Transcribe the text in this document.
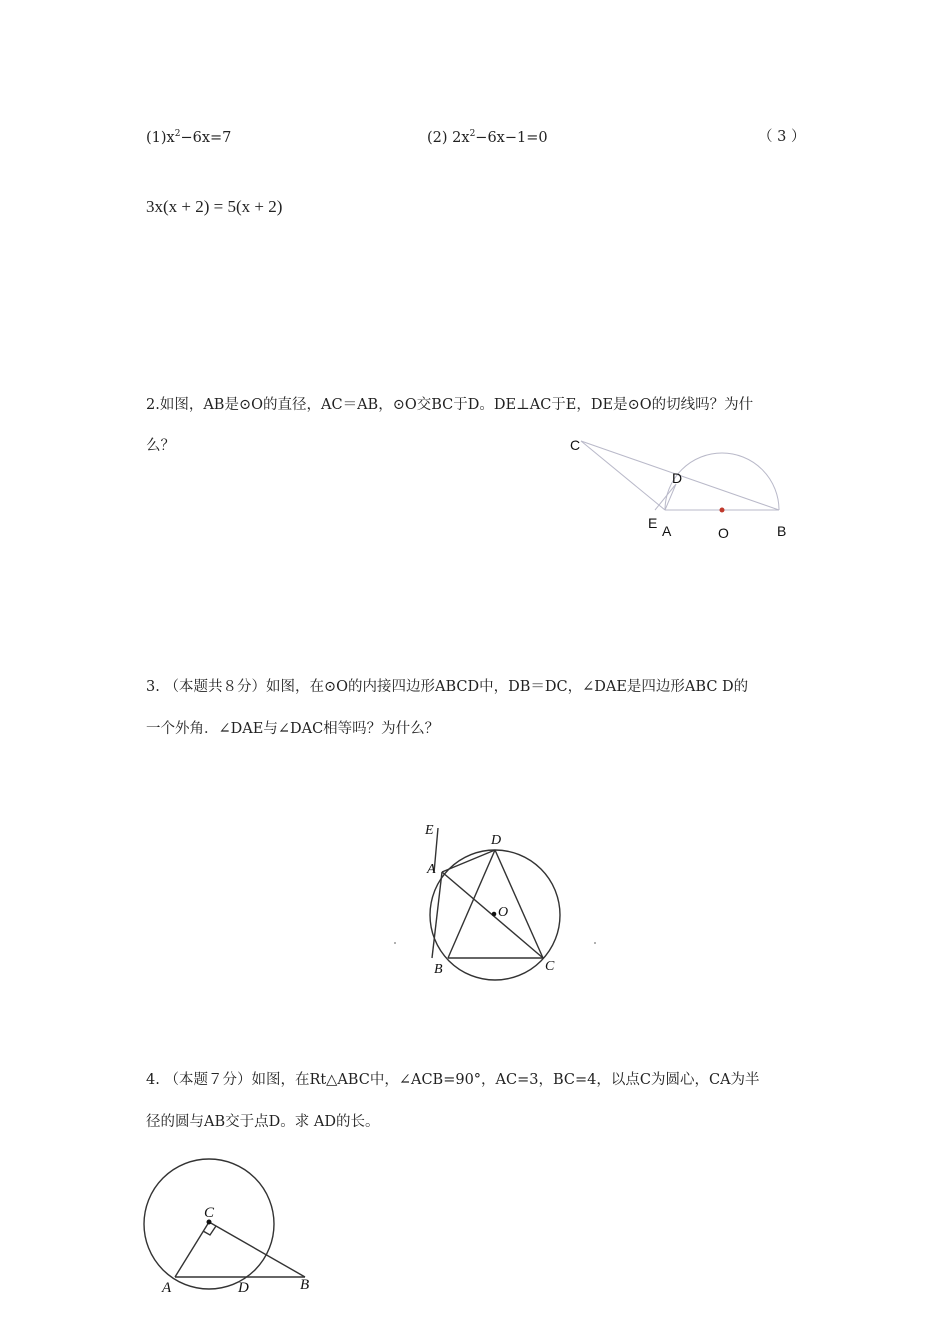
$(1)x^2-6x=7$	(2) $2x^2-6x-1=0$	（ 3 ）
3x(x + 2) = 5(x + 2)
2.如图，AB是⊙O的直径，AC＝AB，⊙O交BC于D。DE⊥AC于E，DE是⊙O的切线吗？为什
么？	C
D
E A	O	B
3. （本题共８分）如图，在⊙O的内接四边形ABCD中，DB＝DC，∠DAE是四边形ABC D的
一个外角．∠DAE与∠DAC相等吗？为什么？
E
D
A
O
B	C
4. （本题７分）如图，在Rt△ABC中，∠ACB=90°，AC=3，BC=4，以点C为圆心，CA为半
径的圆与AB交于点D。求 AD的长。
C
A	D	B
